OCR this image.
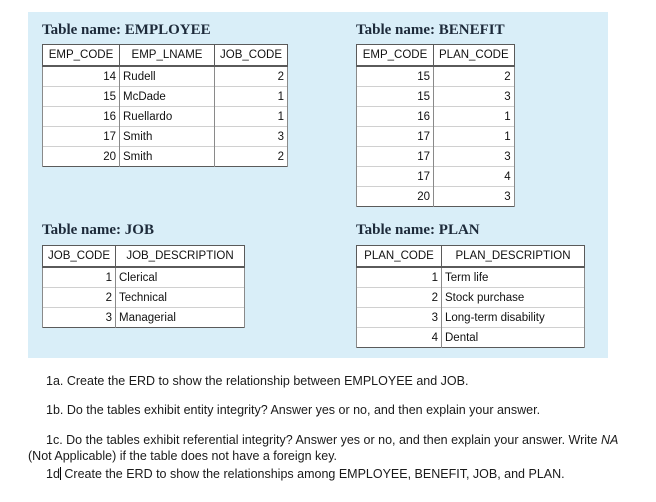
Table name: EMPLOYEE
EMP_CODE	EMP_LNAME	JOB_CODE
14	Rudell	2
15	McDade	1
16	Ruellardo	1
17	Smith	3
20	Smith	2
Table name: BENEFIT
EMP_CODE	PLAN_CODE
15	2
15	3
16	1
17	1
17	3
17	4
20	3
Table name: JOB
JOB_CODE	JOB_DESCRIPTION
1	Clerical
2	Technical
3	Managerial
Table name: PLAN
PLAN_CODE	PLAN_DESCRIPTION
1	Term life
2	Stock purchase
3	Long-term disability
4	Dental
1a. Create the ERD to show the relationship between EMPLOYEE and JOB.
1b. Do the tables exhibit entity integrity? Answer yes or no, and then explain your answer.
1c. Do the tables exhibit referential integrity? Answer yes or no, and then explain your answer. Write NA (Not Applicable) if the table does not have a foreign key.
1d Create the ERD to show the relationships among EMPLOYEE, BENEFIT, JOB, and PLAN.
